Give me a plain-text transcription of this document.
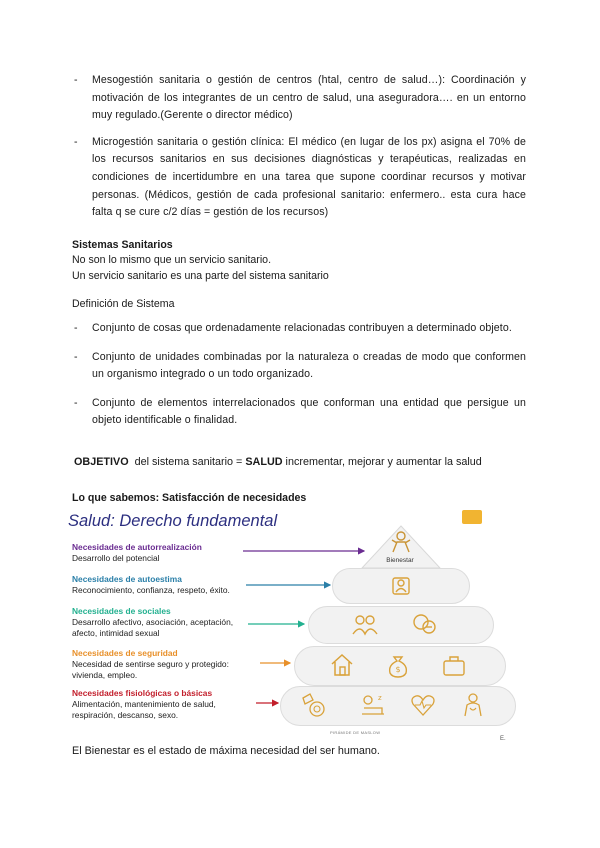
- Mesogestión sanitaria o gestión de centros (htal, centro de salud…): Coordinación y motivación de los integrantes de un centro de salud, una aseguradora…. en un entorno muy regulado.(Gerente o director médico)
- Microgestión sanitaria o gestión clínica: El médico (en lugar de los px) asigna el 70% de los recursos sanitarios en sus decisiones diagnósticas y terapéuticas, realizadas en condiciones de incertidumbre en una tarea que supone coordinar recursos y motivar personas. (Médicos, gestión de cada profesional sanitario: enfermero.. esta cura hace falta q se cure c/2 días = gestión de los recursos)
Sistemas Sanitarios
No son lo mismo que un servicio sanitario.
Un servicio sanitario es una parte del sistema sanitario
Definición de Sistema
- Conjunto de cosas que ordenadamente relacionadas contribuyen a determinado objeto.
- Conjunto de unidades combinadas por la naturaleza o creadas de modo que conformen un organismo integrado o un todo organizado.
- Conjunto de elementos interrelacionados que conforman una entidad que persigue un objeto identificable o finalidad.
OBJETIVO del sistema sanitario = SALUD incrementar, mejorar y aumentar la salud
Lo que sabemos: Satisfacción de necesidades
Salud: Derecho fundamental
Necesidades de autorrealización
Desarrollo del potencial
Necesidades de autoestima
Reconocimiento, confianza, respeto, éxito.
Necesidades de sociales
Desarrollo afectivo, asociación, aceptación, afecto, intimidad sexual
Necesidades de seguridad
Necesidad de sentirse seguro y protegido: vivienda, empleo.
Necesidades fisiológicas o básicas
Alimentación, mantenimiento de salud, respiración, descanso, sexo.
Bienestar
$
z
PIRÁMIDE DE MASLOW
E.
El Bienestar es el estado de máxima necesidad del ser humano.
